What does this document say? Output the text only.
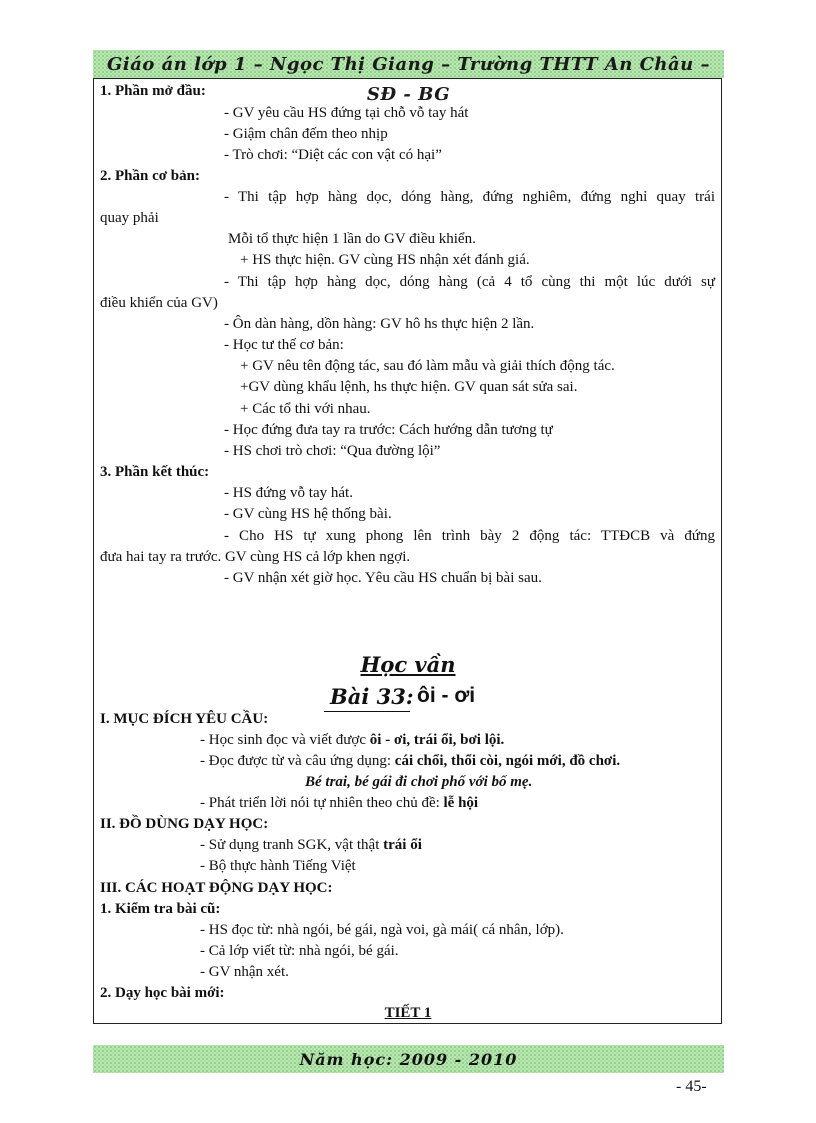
Giáo án lớp 1 – Ngọc Thị Giang – Trường THTT An Châu – SĐ - BG
1. Phần mở đầu:
- GV yêu cầu HS đứng tại chỗ vỗ tay hát
- Giậm chân đếm theo nhịp
- Trò chơi: “Diệt các con vật có hại”
2. Phần cơ bản:
- Thi tập hợp hàng dọc, dóng hàng, đứng nghiêm, đứng nghỉ quay trái
quay phải
Mỗi tổ thực hiện 1 lần do GV điều khiển.
+ HS thực hiện. GV cùng HS nhận xét đánh giá.
- Thi tập hợp hàng dọc, dóng hàng (cả 4 tổ cùng thi một lúc dưới sự
điều khiển của GV)
- Ôn dàn hàng, dồn hàng: GV hô hs thực hiện 2 lần.
- Học tư thế cơ bản:
+ GV nêu tên động tác, sau đó làm mẫu và giải thích động tác.
+GV dùng khẩu lệnh, hs thực hiện. GV quan sát sửa sai.
+ Các tổ thi với nhau.
- Học đứng đưa tay ra trước: Cách hướng dẫn tương tự
- HS chơi trò chơi: “Qua đường lội”
3. Phần kết thúc:
- HS đứng vỗ tay hát.
- GV cùng HS hệ thống bài.
- Cho HS tự xung phong lên trình bày 2 động tác: TTĐCB và đứng
đưa hai tay ra trước. GV cùng HS cả lớp khen ngợi.
- GV nhận xét giờ học. Yêu cầu HS chuẩn bị bài sau.
Học vần
Bài 33: ôi - ơi
I. MỤC ĐÍCH YÊU CẦU:
- Học sinh đọc và viết được ôi - ơi, trái ổi, bơi lội.
- Đọc được từ và câu ứng dụng: cái chổi, thổi còi, ngói mới, đồ chơi.
Bé trai, bé gái đi chơi phố với bố mẹ.
- Phát triển lời nói tự nhiên theo chủ đề: lễ hội
II. ĐỒ DÙNG DẠY HỌC:
- Sử dụng tranh SGK, vật thật trái ổi
- Bộ thực hành Tiếng Việt
III. CÁC HOẠT ĐỘNG DẠY HỌC:
1. Kiểm tra bài cũ:
- HS đọc từ: nhà ngói, bé gái, ngà voi, gà mái( cá nhân, lớp).
- Cả lớp viết từ: nhà ngói, bé gái.
- GV nhận xét.
2. Dạy học bài mới:
TIẾT 1
Năm học: 2009 - 2010
- 45-
